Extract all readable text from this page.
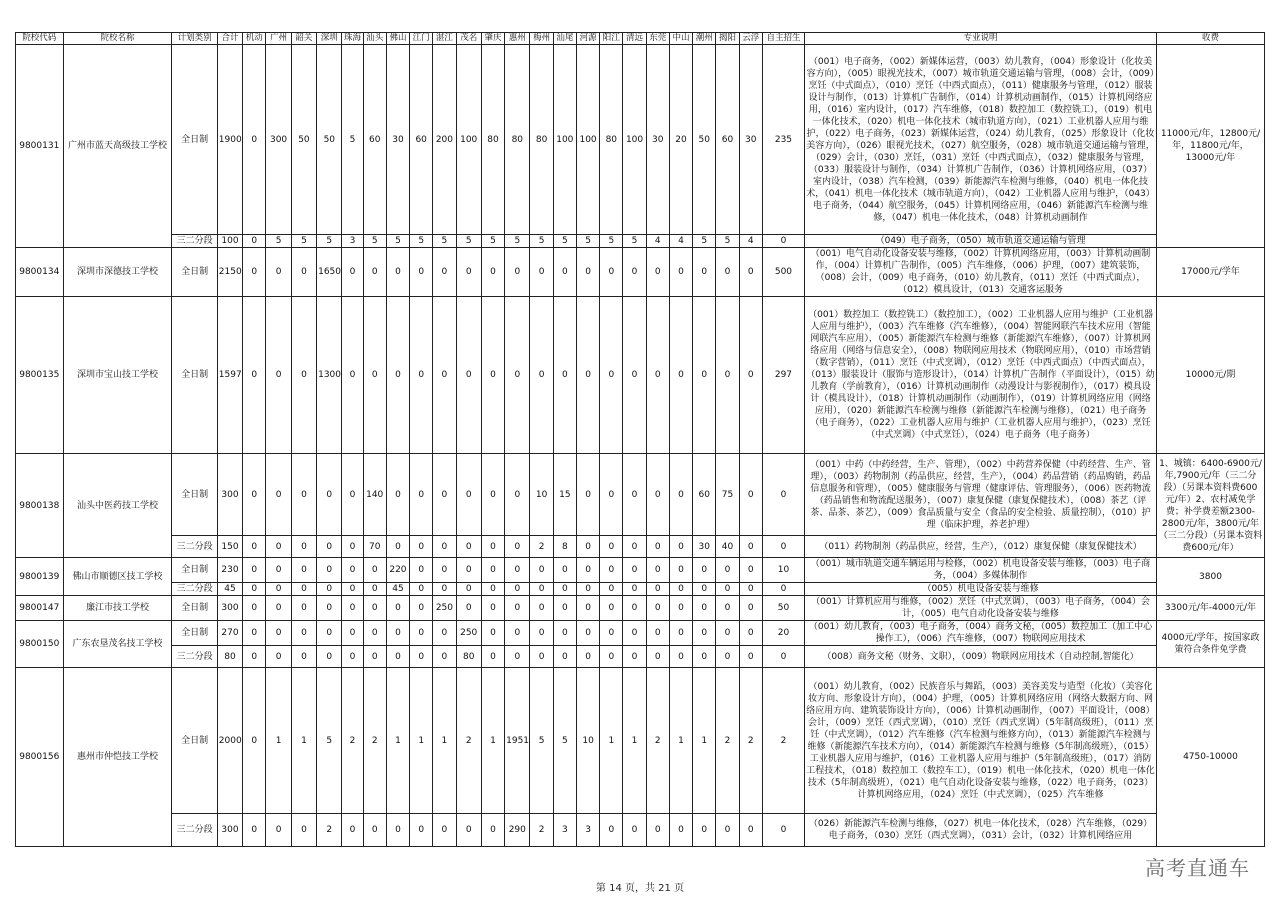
院校代码	院校名称	计划类别	合计	机动	广州	韶关	深圳	珠海	汕头	佛山	江门	湛江	茂名	肇庆	惠州	梅州	汕尾	河源	阳江	清远	东莞	中山	潮州	揭阳	云浮	自主招生	专业说明	收费
9800131	广州市蓝天高级技工学校	全日制	1900	0	300	50	50	5	60	30	60	200	100	80	80	80	100	100	80	100	30	20	50	60	30	235	（001）电子商务，（002）新媒体运营，（003）幼儿教育，（004）形象设计（化妆美容方向），（005）眼视光技术，（007）城市轨道交通运输与管理，（008）会计，（009）烹饪（中式面点），（010）烹饪（中西式面点），（011）健康服务与管理，（012）服装设计与制作，（013）计算机广告制作，（014）计算机动画制作，（015）计算机网络应用，（016）室内设计，（017）汽车维修，（018）数控加工（数控铣工），（019）机电一体化技术，（020）机电一体化技术（城市轨道方向），（021）工业机器人应用与维护，（022）电子商务，（023）新媒体运营，（024）幼儿教育，（025）形象设计（化妆美容方向），（026）眼视光技术，（027）航空服务，（028）城市轨道交通运输与管理，（029）会计，（030）烹饪，（031）烹饪（中西式面点），（032）健康服务与管理，（033）服装设计与制作，（034）计算机广告制作，（036）计算机网络应用，（037）室内设计，（038）汽车检测，（039）新能源汽车检测与维修，（040）机电一体化技术，（041）机电一体化技术（城市轨道方向），（042）工业机器人应用与维护，（043）电子商务，（044）航空服务，（045）计算机网络应用，（046）新能源汽车检测与维修，（047）机电一体化技术，（048）计算机动画制作	11000元/年，12800元/年，11800元/年，13000元/年
		三二分段	100	0	5	5	5	3	5	5	5	5	5	5	5	5	5	5	5	5	4	4	5	5	4	0	（049）电子商务，（050）城市轨道交通运输与管理	
9800134	深圳市深德技工学校	全日制	2150	0	0	0	1650	0	0	0	0	0	0	0	0	0	0	0	0	0	0	0	0	0	0	500	（001）电气自动化设备安装与维修，（002）计算机网络应用，（003）计算机动画制作，（004）计算机广告制作，（005）汽车维修，（006）护理，（007）建筑装饰，（008）会计，（009）电子商务，（010）幼儿教育，（011）烹饪（中西式面点），（012）模具设计，（013）交通客运服务	17000元/学年
9800135	深圳市宝山技工学校	全日制	1597	0	0	0	1300	0	0	0	0	0	0	0	0	0	0	0	0	0	0	0	0	0	0	297	（001）数控加工（数控铣工）（数控加工），（002）工业机器人应用与维护（工业机器人应用与维护），（003）汽车维修（汽车维修），（004）智能网联汽车技术应用（智能网联汽车应用），（005）新能源汽车检测与维修（新能源汽车维修），（007）计算机网络应用（网络与信息安全），（008）物联网应用技术（物联网应用），（010）市场营销（数字营销），（011）烹饪（中式烹调），（012）烹饪（中西式面点）（中西式面点），（013）服装设计（服饰与造形设计），（014）计算机广告制作（平面设计），（015）幼儿教育（学前教育），（016）计算机动画制作（动漫设计与影视制作），（017）模具设计（模具设计），（018）计算机动画制作（动画制作），（019）计算机网络应用（网络应用），（020）新能源汽车检测与维修（新能源汽车检测与维修），（021）电子商务（电子商务），（022）工业机器人应用与维护（工业机器人应用与维护），（023）烹饪（中式烹调）（中式烹饪），（024）电子商务（电子商务）	10000元/期
9800138	汕头中医药技工学校	全日制	300	0	0	0	0	0	140	0	0	0	0	0	0	10	15	0	0	0	0	0	60	75	0	0	（001）中药（中药经营，生产、管理），（002）中药营养保健（中药经营、生产、管理），（003）药物制剂（药品供应，经营，生产），（004）药品营销（药品购销，药品信息服务和管理），（005）健康服务与管理（健康评估、管理服务），（006）医药物流（药品销售和物流配送服务），（007）康复保健（康复保健技术），（008）茶艺（评茶、品茶、茶艺），（009）食品质量与安全（食品的安全检验、质量控制），（010）护理（临床护理，养老护理）	1、城镇：6400-6900元/年,7900元/年（三二分段）（另课本资料费600元/年）2、农村减免学费；补学费差额2300-2800元/年，3800元/年（三二分段）（另课本资料费600元/年）
		三二分段	150	0	0	0	0	0	70	0	0	0	0	0	0	2	8	0	0	0	0	0	30	40	0	0	（011）药物制剂（药品供应，经营，生产），（012）康复保健（康复保健技术）	
9800139	佛山市顺德区技工学校	全日制	230	0	0	0	0	0	0	220	0	0	0	0	0	0	0	0	0	0	0	0	0	0	0	10	（001）城市轨道交通车辆运用与检修，（002）机电设备安装与维修，（003）电子商务，（004）多媒体制作	3800
		三二分段	45	0	0	0	0	0	0	45	0	0	0	0	0	0	0	0	0	0	0	0	0	0	0	0	（005）机电设备安装与维修	
9800147	廉江市技工学校	全日制	300	0	0	0	0	0	0	0	0	250	0	0	0	0	0	0	0	0	0	0	0	0	0	50	（001）计算机应用与维修，（002）烹饪（中式烹调），（003）电子商务，（004）会计，（005）电气自动化设备安装与维修	3300元/年-4000元/年
9800150	广东农垦茂名技工学校	全日制	270	0	0	0	0	0	0	0	0	0	250	0	0	0	0	0	0	0	0	0	0	0	0	20	（001）幼儿教育，（003）电子商务，（004）商务文秘，（005）数控加工（加工中心操作工），（006）汽车维修，（007）物联网应用技术	4000元/学年，按国家政策符合条件免学费
		三二分段	80	0	0	0	0	0	0	0	0	0	80	0	0	0	0	0	0	0	0	0	0	0	0	0	（008）商务文秘（财务、文职），（009）物联网应用技术（自动控制,智能化）	
9800156	惠州市仲恺技工学校	全日制	2000	0	1	1	5	2	2	1	1	1	2	1	1951	5	5	10	1	1	2	1	1	2	2	2	（001）幼儿教育，（002）民族音乐与舞蹈，（003）美容美发与造型（化妆）（美容化妆方向、形象设计方向），（004）护理，（005）计算机网络应用（网络大数据方向、网络应用方向、建筑装饰设计方向），（006）计算机动画制作，（007）平面设计，（008）会计，（009）烹饪（西式烹调），（010）烹饪（西式烹调）（5年制高级班），（011）烹饪（中式烹调），（012）汽车维修（汽车检测与维修方向），（013）新能源汽车检测与维修（新能源汽车技术方向），（014）新能源汽车检测与维修（5年制高级班），（015）工业机器人应用与维护，（016）工业机器人应用与维护（5年制高级班），（017）消防工程技术，（018）数控加工（数控车工），（019）机电一体化技术，（020）机电一体化技术（5年制高级班），（021）电气自动化设备安装与维修，（022）电子商务，（023）计算机网络应用，（024）烹饪（中式烹调），（025）汽车维修	4750-10000
		三二分段	300	0	0	0	2	0	0	0	0	0	0	0	290	2	3	3	0	0	0	0	0	0	0	0	（026）新能源汽车检测与维修，（027）机电一体化技术，（028）汽车维修，（029）电子商务，（030）烹饪（西式烹调），（031）会计，（032）计算机网络应用	
第 14 页，共 21 页
高考直通车
